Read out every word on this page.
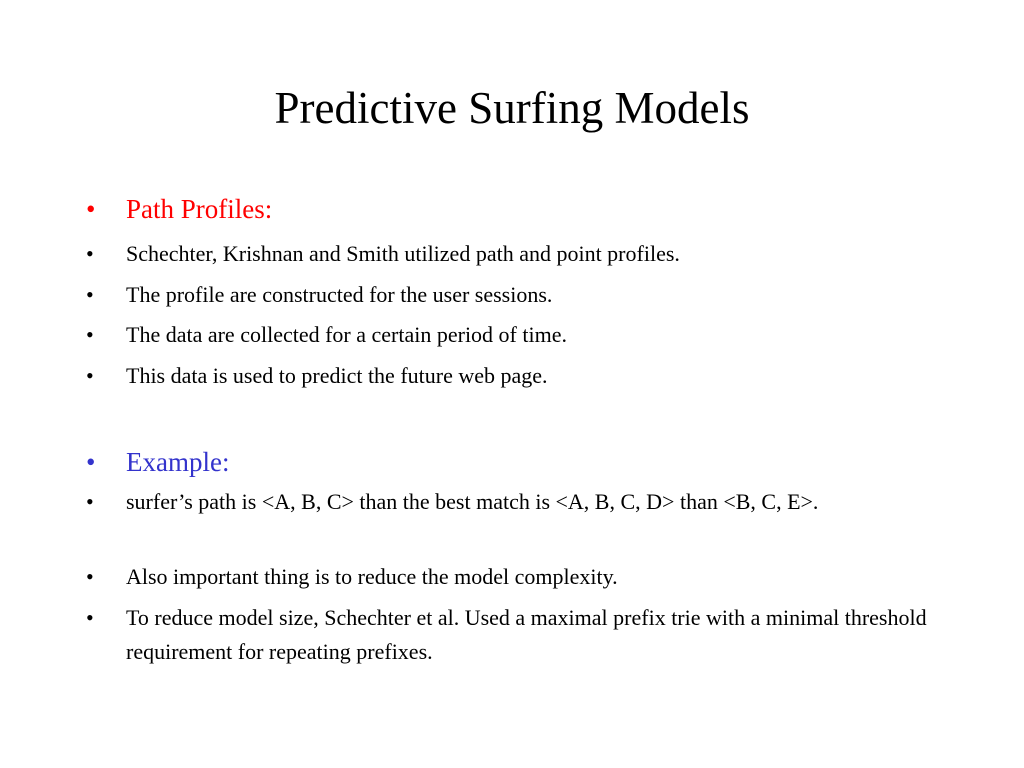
Predictive Surfing Models
•	Path Profiles:
•	Schechter, Krishnan and Smith utilized path and point profiles.
•	The profile are constructed for the user sessions.
•	The data are collected for a certain period of time.
•	This data is used to predict the future web page.
•	Example:
•	surfer’s path is <A, B, C> than the best match is <A, B, C, D> than <B, C, E>.
•	Also important thing is to reduce the model complexity.
•	To reduce model size, Schechter et al. Used a maximal prefix trie with a minimal threshold requirement for repeating prefixes.
